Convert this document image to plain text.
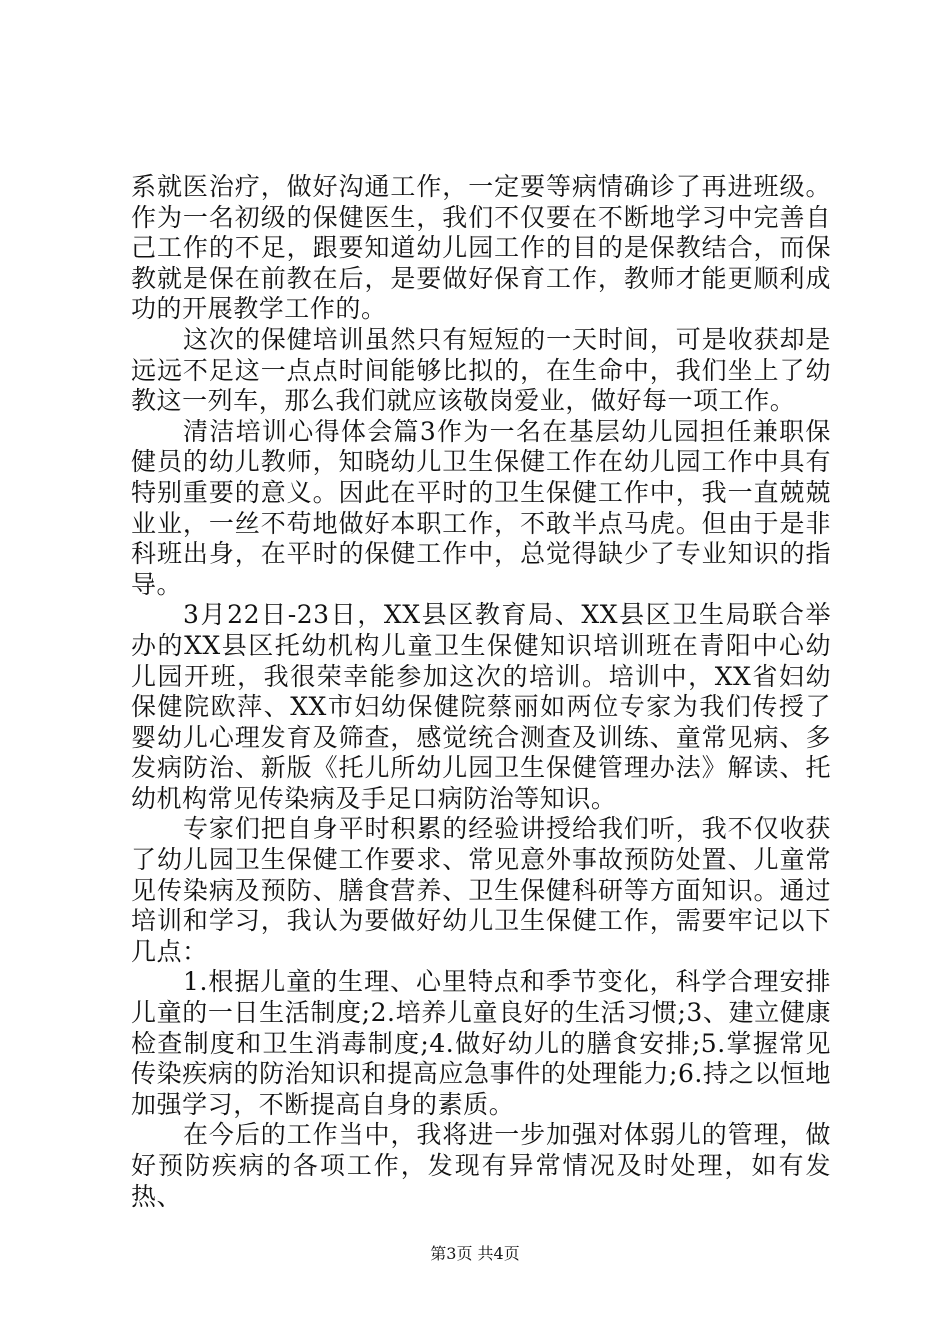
系就医治疗，做好沟通工作，一定要等病情确诊了再进班级。作为一名初级的保健医生，我们不仅要在不断地学习中完善自己工作的不足，跟要知道幼儿园工作的目的是保教结合，而保教就是保在前教在后，是要做好保育工作，教师才能更顺利成功的开展教学工作的。

这次的保健培训虽然只有短短的一天时间，可是收获却是远远不足这一点点时间能够比拟的，在生命中，我们坐上了幼教这一列车，那么我们就应该敬岗爱业，做好每一项工作。

清洁培训心得体会篇3作为一名在基层幼儿园担任兼职保健员的幼儿教师，知晓幼儿卫生保健工作在幼儿园工作中具有特别重要的意义。因此在平时的卫生保健工作中，我一直兢兢业业，一丝不苟地做好本职工作，不敢半点马虎。但由于是非科班出身，在平时的保健工作中，总觉得缺少了专业知识的指导。

3月22日-23日，XX县区教育局、XX县区卫生局联合举办的XX县区托幼机构儿童卫生保健知识培训班在青阳中心幼儿园开班，我很荣幸能参加这次的培训。培训中，XX省妇幼保健院欧萍、XX市妇幼保健院蔡丽如两位专家为我们传授了婴幼儿心理发育及筛查，感觉统合测查及训练、童常见病、多发病防治、新版《托儿所幼儿园卫生保健管理办法》解读、托幼机构常见传染病及手足口病防治等知识。

专家们把自身平时积累的经验讲授给我们听，我不仅收获了幼儿园卫生保健工作要求、常见意外事故预防处置、儿童常见传染病及预防、膳食营养、卫生保健科研等方面知识。通过培训和学习，我认为要做好幼儿卫生保健工作，需要牢记以下几点：

1.根据儿童的生理、心里特点和季节变化，科学合理安排儿童的一日生活制度;2.培养儿童良好的生活习惯;3、建立健康检查制度和卫生消毒制度;4.做好幼儿的膳食安排;5.掌握常见传染疾病的防治知识和提高应急事件的处理能力;6.持之以恒地加强学习，不断提高自身的素质。

在今后的工作当中，我将进一步加强对体弱儿的管理，做好预防疾病的各项工作，发现有异常情况及时处理，如有发热、

第3页 共4页
